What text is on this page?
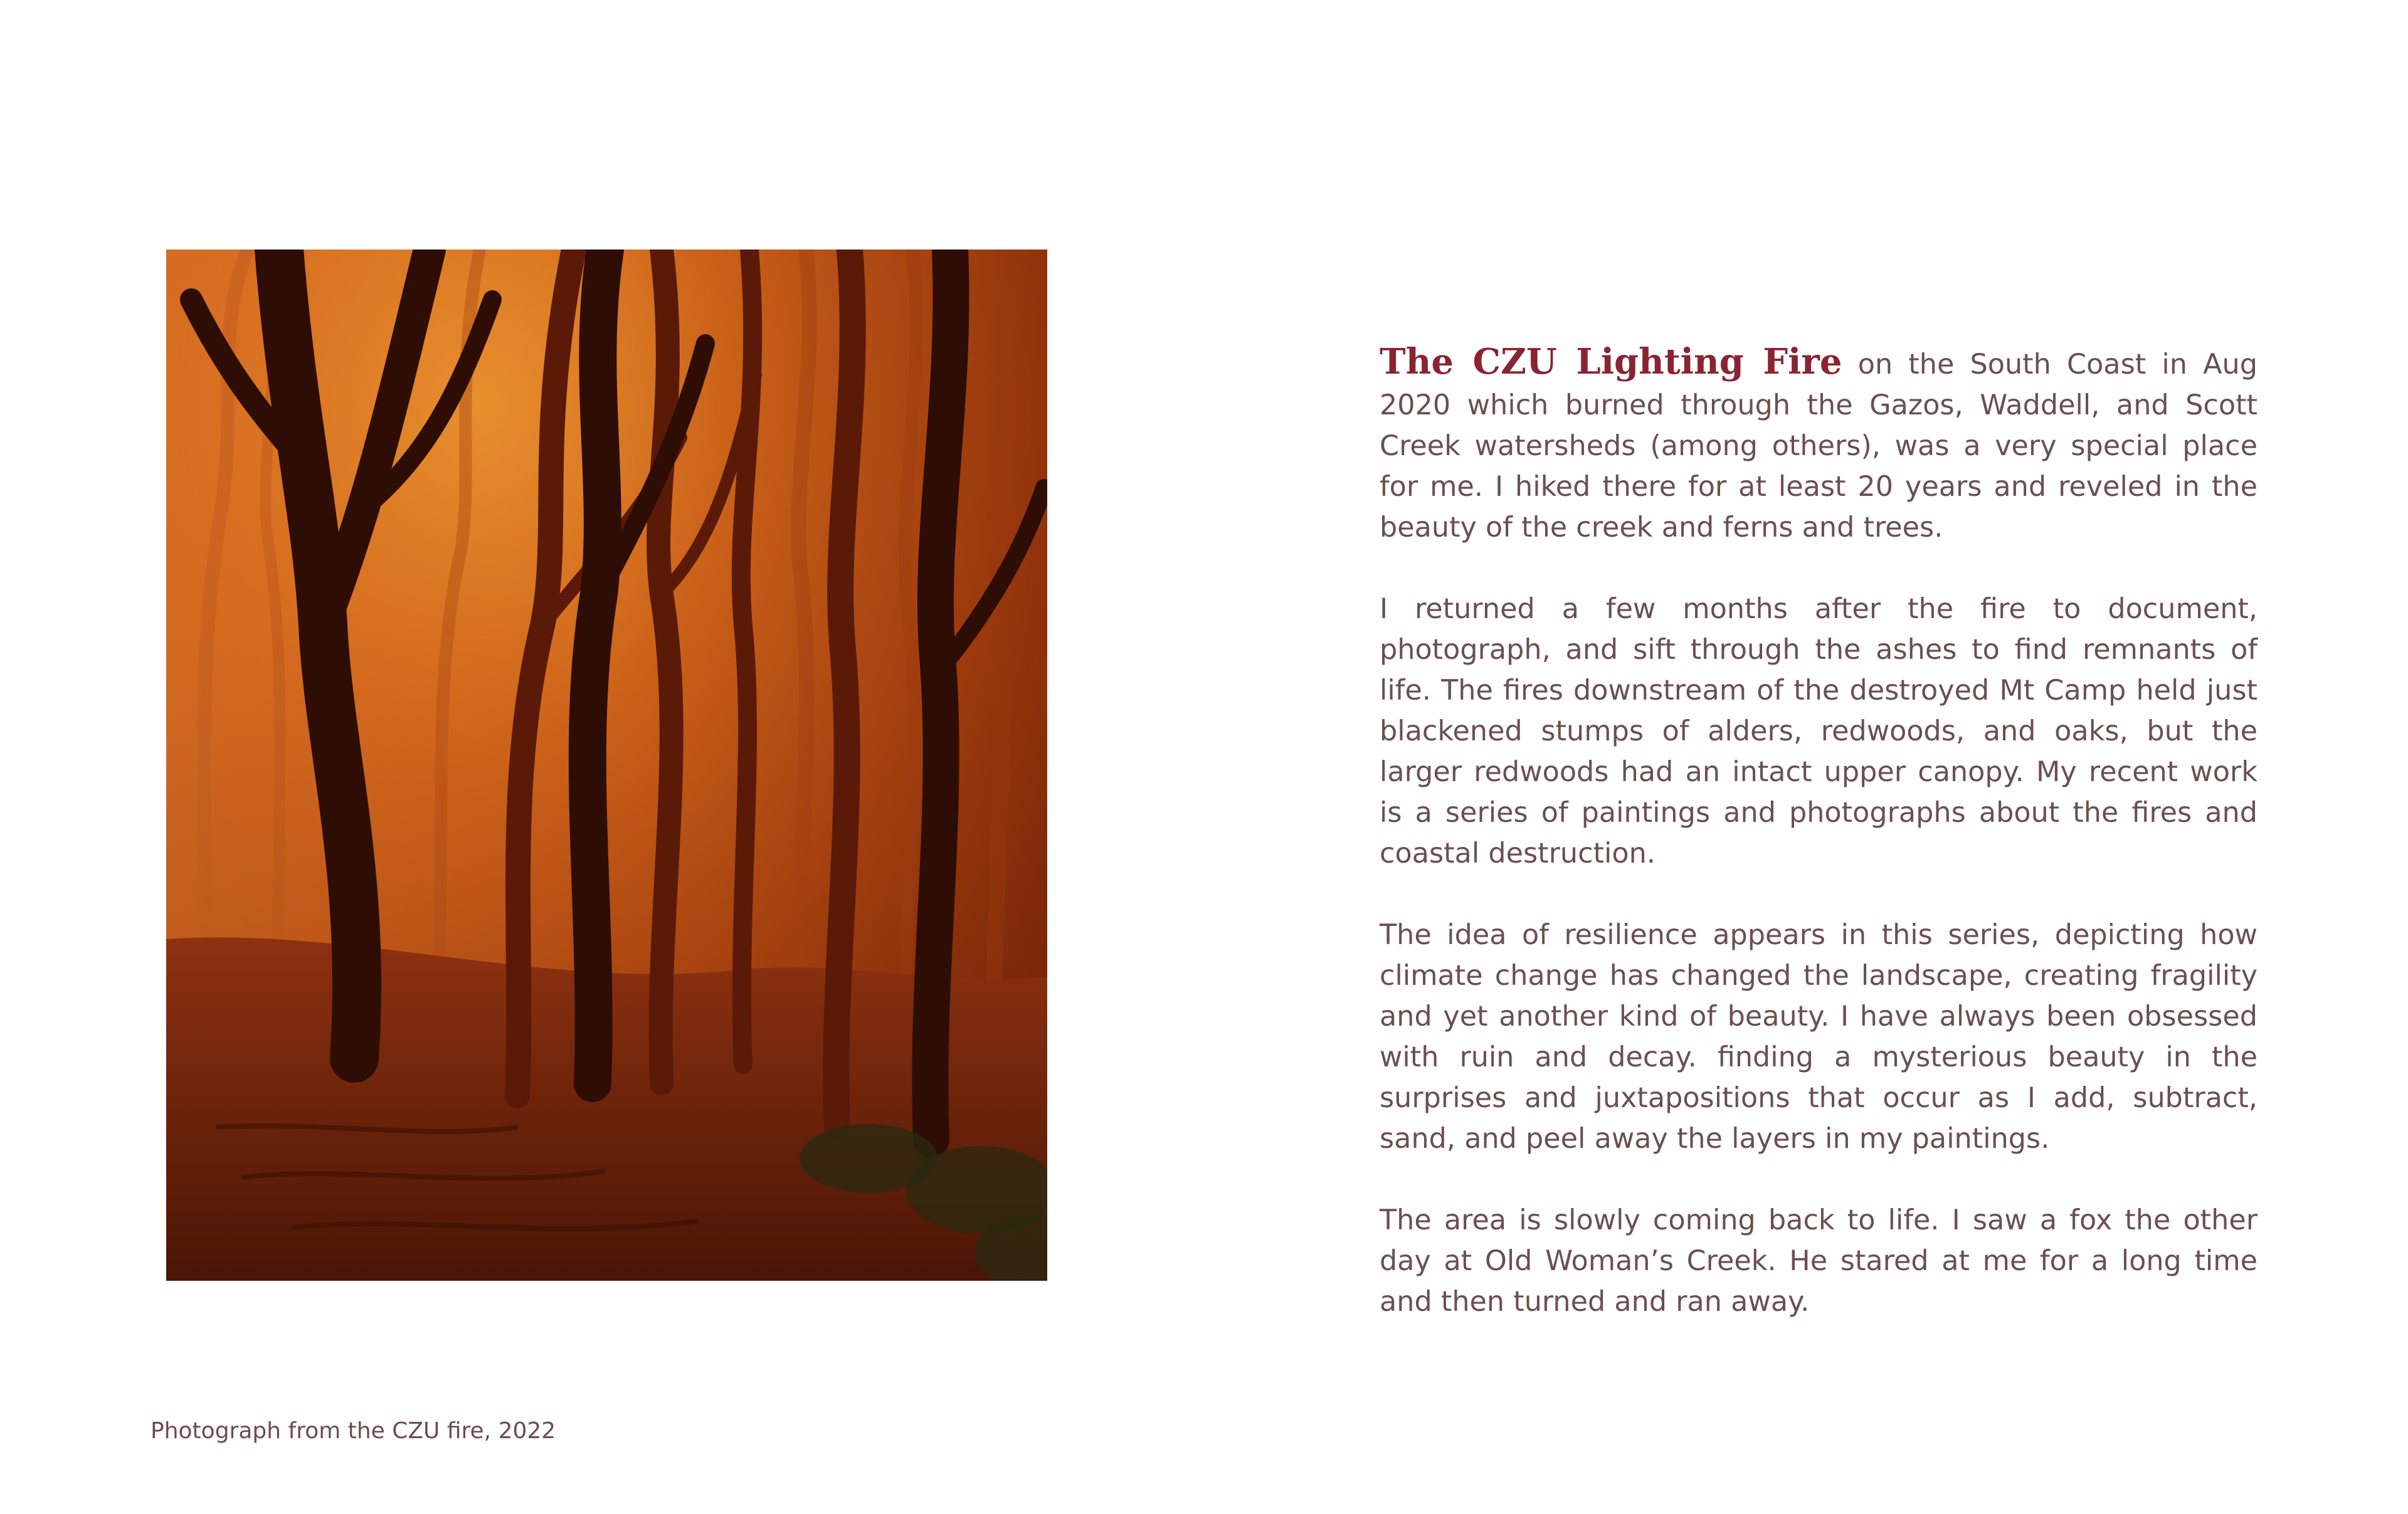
Photograph from the CZU fire, 2022

The CZU Lighting Fire on the South Coast in Aug 2020 which burned through the Gazos, Waddell, and Scott Creek watersheds (among others), was a very special place for me. I hiked there for at least 20 years and reveled in the beauty of the creek and ferns and trees.

I returned a few months after the fire to document, photograph, and sift through the ashes to find remnants of life. The fires downstream of the destroyed Mt Camp held just blackened stumps of alders, redwoods, and oaks, but the larger redwoods had an intact upper canopy. My recent work is a series of paintings and photographs about the fires and coastal destruction.

The idea of resilience appears in this series, depicting how climate change has changed the landscape, creating fragility and yet another kind of beauty. I have always been obsessed with ruin and decay. finding a mysterious beauty in the surprises and juxtapositions that occur as I add, subtract, sand, and peel away the layers in my paintings.

The area is slowly coming back to life. I saw a fox the other day at Old Woman’s Creek. He stared at me for a long time and then turned and ran away.
